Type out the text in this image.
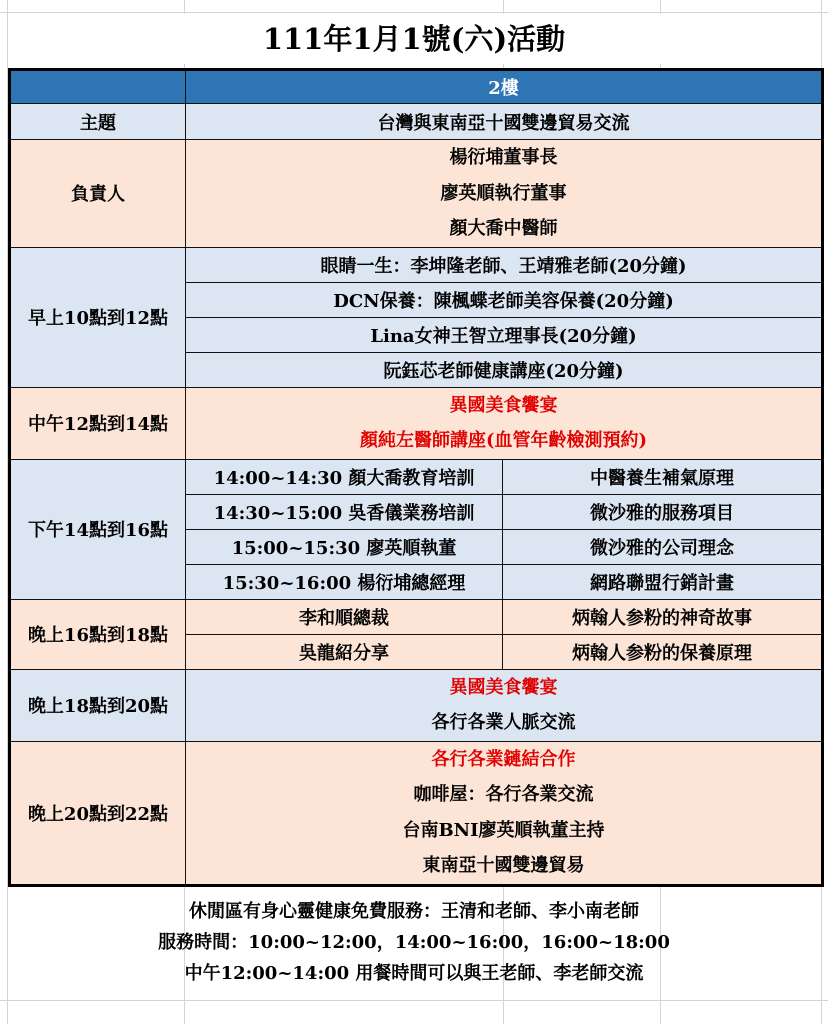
111年1月1號(六)活動
	2樓	
主題	台灣與東南亞十國雙邊貿易交流	
負責人	楊衍埔董事長
廖英順執行董事
顏大喬中醫師	

早上10點到12點	眼睛一生：李坤隆老師、王靖雅老師(20分鐘)	
	DCN保養：陳楓蝶老師美容保養(20分鐘)	
	Lina女神王智立理事長(20分鐘)	
	阮鈺芯老師健康講座(20分鐘)	
中午12點到14點	異國美食饗宴
顏純左醫師講座(血管年齡檢測預約)	

下午14點到16點	14:00~14:30 顏大喬教育培訓	中醫養生補氣原理
	14:30~15:00 吳香儀業務培訓	微沙雅的服務項目
	15:00~15:30 廖英順執董	微沙雅的公司理念
	15:30~16:00 楊衍埔總經理	網路聯盟行銷計畫
晚上16點到18點	李和順總裁	炳翰人参粉的神奇故事
	吳龍紹分享	炳翰人参粉的保養原理
晚上18點到20點	異國美食饗宴
各行各業人脈交流	

晚上20點到22點	各行各業鏈結合作
咖啡屋：各行各業交流
台南BNI廖英順執董主持
東南亞十國雙邊貿易	
休閒區有身心靈健康免費服務：王清和老師、李小南老師
服務時間：10:00~12:00，14:00~16:00，16:00~18:00
中午12:00~14:00 用餐時間可以與王老師、李老師交流
